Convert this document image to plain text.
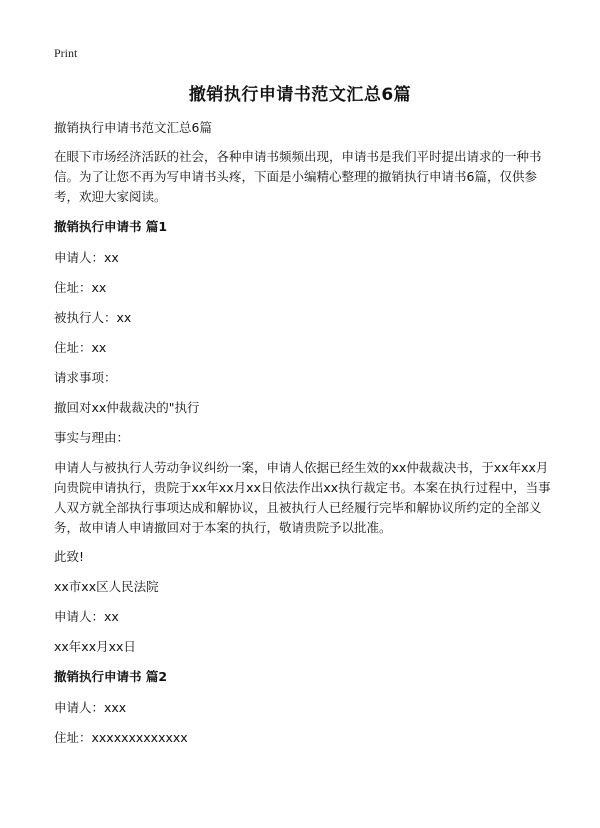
Print
撤销执行申请书范文汇总6篇
撤销执行申请书范文汇总6篇
在眼下市场经济活跃的社会，各种申请书频频出现，申请书是我们平时提出请求的一种书信。为了让您不再为写申请书头疼，下面是小编精心整理的撤销执行申请书6篇，仅供参考，欢迎大家阅读。
撤销执行申请书 篇1
申请人：xx
住址：xx
被执行人：xx
住址：xx
请求事项：
撤回对xx仲裁裁决的"执行
事实与理由：
申请人与被执行人劳动争议纠纷一案，申请人依据已经生效的xx仲裁裁决书，于xx年xx月向贵院申请执行，贵院于xx年xx月xx日依法作出xx执行裁定书。本案在执行过程中，当事人双方就全部执行事项达成和解协议，且被执行人已经履行完毕和解协议所约定的全部义务，故申请人申请撤回对于本案的执行，敬请贵院予以批准。
此致!
xx市xx区人民法院
申请人：xx
xx年xx月xx日
撤销执行申请书 篇2
申请人：xxx
住址：xxxxxxxxxxxxx
